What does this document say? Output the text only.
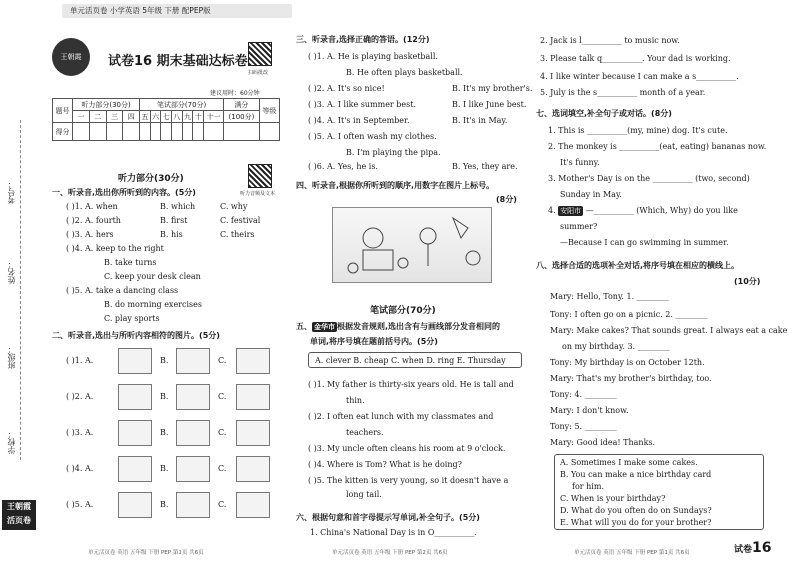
单元活页卷 小学英语 5年级 下册 配PEP版
考号：
姓名：
班级：
学校：
王朝霞
活页卷
王朝霞	试卷16 期末基础达标卷
扫码批改
建议用时：60分钟
题号	听力部分(30分)				笔试部分(70分)							满分	等级
	一	二	三	四	五	六	七	八	九	十	十一	(100分)	
得分													
听力部分(30分)
听力音频及文本
一、听录音,选出你所听到的内容。(5分)
( )1. A. when	B. which	C. why
( )2. A. fourth	B. first	C. festival
( )3. A. hers	B. his	C. theirs
( )4. A. keep to the right
B. take turns
C. keep your desk clean
( )5. A. take a dancing class
B. do morning exercises
C. play sports
二、听录音,选出与所听内容相符的图片。(5分)
( )1. A.	B.	C.
( )2. A.	B.	C.
( )3. A.	B.	C.
( )4. A.	B.	C.
( )5. A.	B.	C.
三、听录音,选择正确的答语。(12分)
( )1. A. He is playing basketball.
B. He often plays basketball.
( )2. A. It's so nice!	B. It's my brother's.
( )3. A. I like summer best.	B. I like June best.
( )4. A. It's in September.	B. It's in May.
( )5. A. I often wash my clothes.
B. I'm playing the pipa.
( )6. A. Yes, he is.	B. Yes, they are.
四、听录音,根据你所听到的顺序,用数字在图片上标号。
(8分)
笔试部分(70分)
五、 金华市 根据发音规则,选出含有与画线部分发音相同的
单词,将序号填在题前括号内。(5分)
A. clever B. cheap C. when D. ring E. Thursday
( )1. My father is thirty-six years old. He is tall and
thin.
( )2. I often eat lunch with my classmates and
teachers.
( )3. My uncle often cleans his room at 9 o'clock.
( )4. Where is Tom? What is he doing?
( )5. The kitten is very young, so it doesn't have a
long tail.
六、根据句意和首字母提示写单词,补全句子。(5分)
1. China's National Day is in O__________.
2. Jack is l__________ to music now.
3. Please talk q__________. Your dad is working.
4. I like winter because I can make a s__________.
5. July is the s__________ month of a year.
七、选词填空,补全句子或对话。(8分)
1. This is __________(my, mine) dog. It's cute.
2. The monkey is __________(eat, eating) bananas now.
It's funny.
3. Mother's Day is on the __________ (two, second)
Sunday in May.
4. 安阳市 —__________ (Which, Why) do you like
summer?
—Because I can go swimming in summer.
八、选择合适的选项补全对话,将序号填在相应的横线上。
(10分)
Mary: Hello, Tony. 1. ________
Tony: I often go on a picnic. 2. ________
Mary: Make cakes? That sounds great. I always eat a cake
on my birthday. 3. ________
Tony: My birthday is on October 12th.
Mary: That's my brother's birthday, too.
Tony: 4. ________
Mary: I don't know.
Tony: 5. ________
Mary: Good idea! Thanks.
A. Sometimes I make some cakes.
B. You can make a nice birthday card
for him.
C. When is your birthday?
D. What do you often do on Sundays?
E. What will you do for your brother?
单元活页卷 英语 五年级 下册 PEP 第1页 共6页	单元活页卷 英语 五年级 下册 PEP 第2页 共6页	单元活页卷 英语 五年级 下册 PEP 第1页 共6页	试卷16
